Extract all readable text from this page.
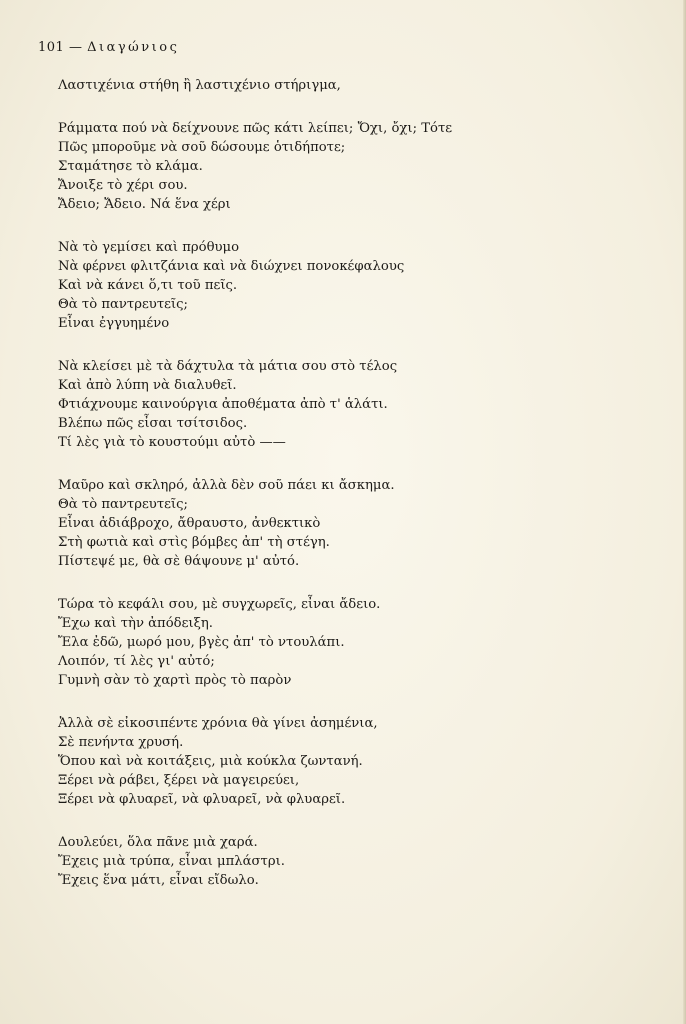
101 — Διαγώνιος
Λαστιχένια στήθη ἢ λαστιχένιο στήριγμα,
Ράμματα πού νὰ δείχνουνε πῶς κάτι λείπει; Ὄχι, ὄχι; Τότε
Πῶς μποροῦμε νὰ σοῦ δώσουμε ὁτιδήποτε;
Σταμάτησε τὸ κλάμα.
Ἄνοιξε τὸ χέρι σου.
Ἄδειο; Ἄδειο. Νά ἕνα χέρι
Νὰ τὸ γεμίσει καὶ πρόθυμο
Νὰ φέρνει φλιτζάνια καὶ νὰ διώχνει πονοκέφαλους
Καὶ νὰ κάνει ὅ,τι τοῦ πεῖς.
Θὰ τὸ παντρευτεῖς;
Εἶναι ἐγγυημένο
Νὰ κλείσει μὲ τὰ δάχτυλα τὰ μάτια σου στὸ τέλος
Καὶ ἀπὸ λύπη νὰ διαλυθεῖ.
Φτιάχνουμε καινούργια ἀποθέματα ἀπὸ τ' ἁλάτι.
Βλέπω πῶς εἶσαι τσίτσιδος.
Τί λὲς γιὰ τὸ κουστούμι αὐτὸ ——
Μαῦρο καὶ σκληρό, ἀλλὰ δὲν σοῦ πάει κι ἄσκημα.
Θὰ τὸ παντρευτεῖς;
Εἶναι ἀδιάβροχο, ἄθραυστο, ἀνθεκτικὸ
Στὴ φωτιὰ καὶ στὶς βόμβες ἀπ' τὴ στέγη.
Πίστεψέ με, θὰ σὲ θάψουνε μ' αὐτό.
Τώρα τὸ κεφάλι σου, μὲ συγχωρεῖς, εἶναι ἄδειο.
Ἔχω καὶ τὴν ἀπόδειξη.
Ἔλα ἐδῶ, μωρό μου, βγὲς ἀπ' τὸ ντουλάπι.
Λοιπόν, τί λὲς γι' αὐτό;
Γυμνὴ σὰν τὸ χαρτὶ πρὸς τὸ παρὸν
Ἀλλὰ σὲ εἰκοσιπέντε χρόνια θὰ γίνει ἀσημένια,
Σὲ πενήντα χρυσή.
Ὅπου καὶ νὰ κοιτάξεις, μιὰ κούκλα ζωντανή.
Ξέρει νὰ ράβει, ξέρει νὰ μαγειρεύει,
Ξέρει νὰ φλυαρεῖ, νὰ φλυαρεῖ, νὰ φλυαρεῖ.
Δουλεύει, ὅλα πᾶνε μιὰ χαρά.
Ἔχεις μιὰ τρύπα, εἶναι μπλάστρι.
Ἔχεις ἕνα μάτι, εἶναι εἴδωλο.
